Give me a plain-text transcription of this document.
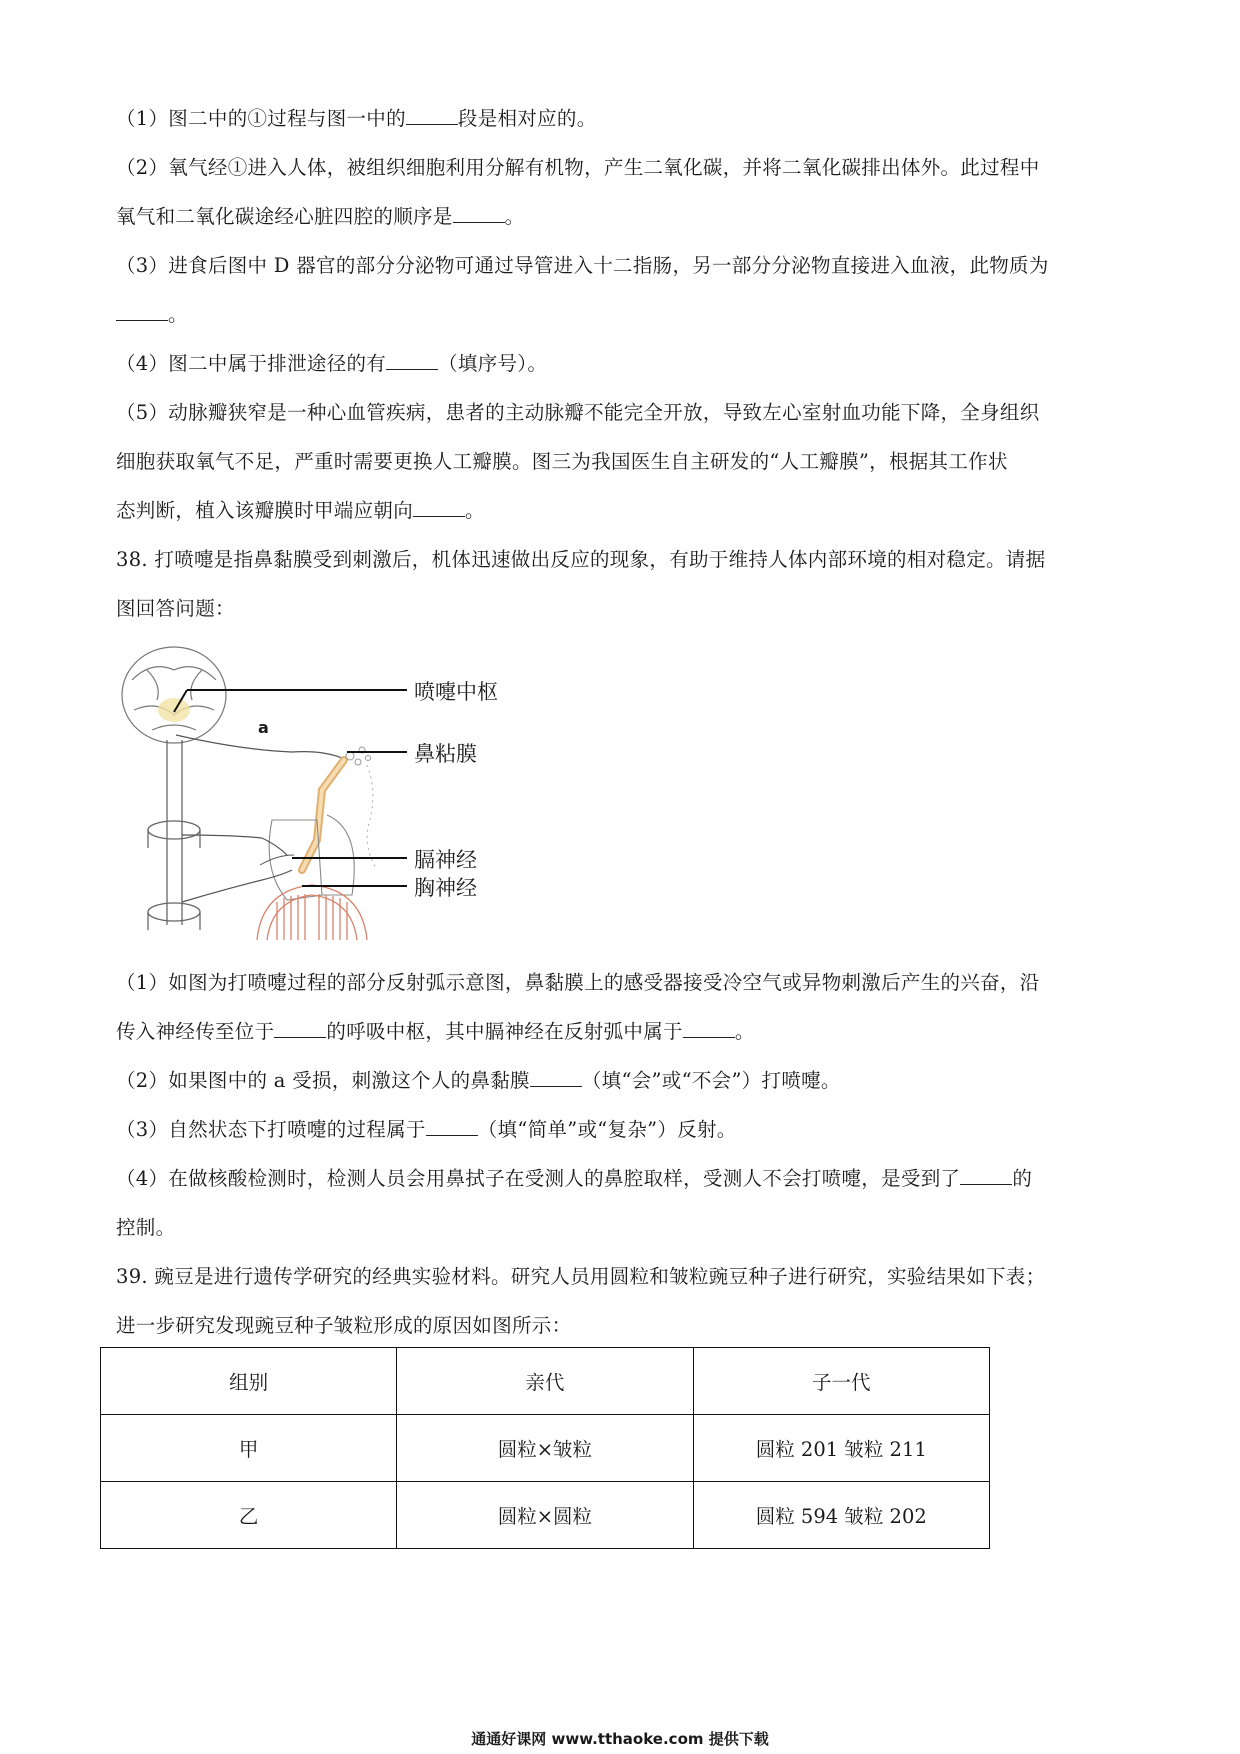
（1）图二中的①过程与图一中的	段是相对应的。
（2）氧气经①进入人体，被组织细胞利用分解有机物，产生二氧化碳，并将二氧化碳排出体外。此过程中
氧气和二氧化碳途经心脏四腔的顺序是	。
（3）进食后图中 D 器官的部分分泌物可通过导管进入十二指肠，另一部分分泌物直接进入血液，此物质为
。
（4）图二中属于排泄途径的有	（填序号）。
（5）动脉瓣狭窄是一种心血管疾病，患者的主动脉瓣不能完全开放，导致左心室射血功能下降，全身组织
细胞获取氧气不足，严重时需要更换人工瓣膜。图三为我国医生自主研发的“人工瓣膜”，根据其工作状
态判断，植入该瓣膜时甲端应朝向	。
38. 打喷嚏是指鼻黏膜受到刺激后，机体迅速做出反应的现象，有助于维持人体内部环境的相对稳定。请据
图回答问题：
喷嚏中枢
鼻粘膜
膈神经
胸神经
a
（1）如图为打喷嚏过程的部分反射弧示意图，鼻黏膜上的感受器接受冷空气或异物刺激后产生的兴奋，沿
传入神经传至位于	的呼吸中枢，其中膈神经在反射弧中属于	。
（2）如果图中的 a 受损，刺激这个人的鼻黏膜	（填“会”或“不会”）打喷嚏。
（3）自然状态下打喷嚏的过程属于	（填“简单”或“复杂”）反射。
（4）在做核酸检测时，检测人员会用鼻拭子在受测人的鼻腔取样，受测人不会打喷嚏，是受到了	的
控制。
39. 豌豆是进行遗传学研究的经典实验材料。研究人员用圆粒和皱粒豌豆种子进行研究，实验结果如下表；
进一步研究发现豌豆种子皱粒形成的原因如图所示：
组别	亲代	子一代
甲	圆粒×皱粒	圆粒 201 皱粒 211
乙	圆粒×圆粒	圆粒 594 皱粒 202
通通好课网 www.tthaoke.com 提供下载
